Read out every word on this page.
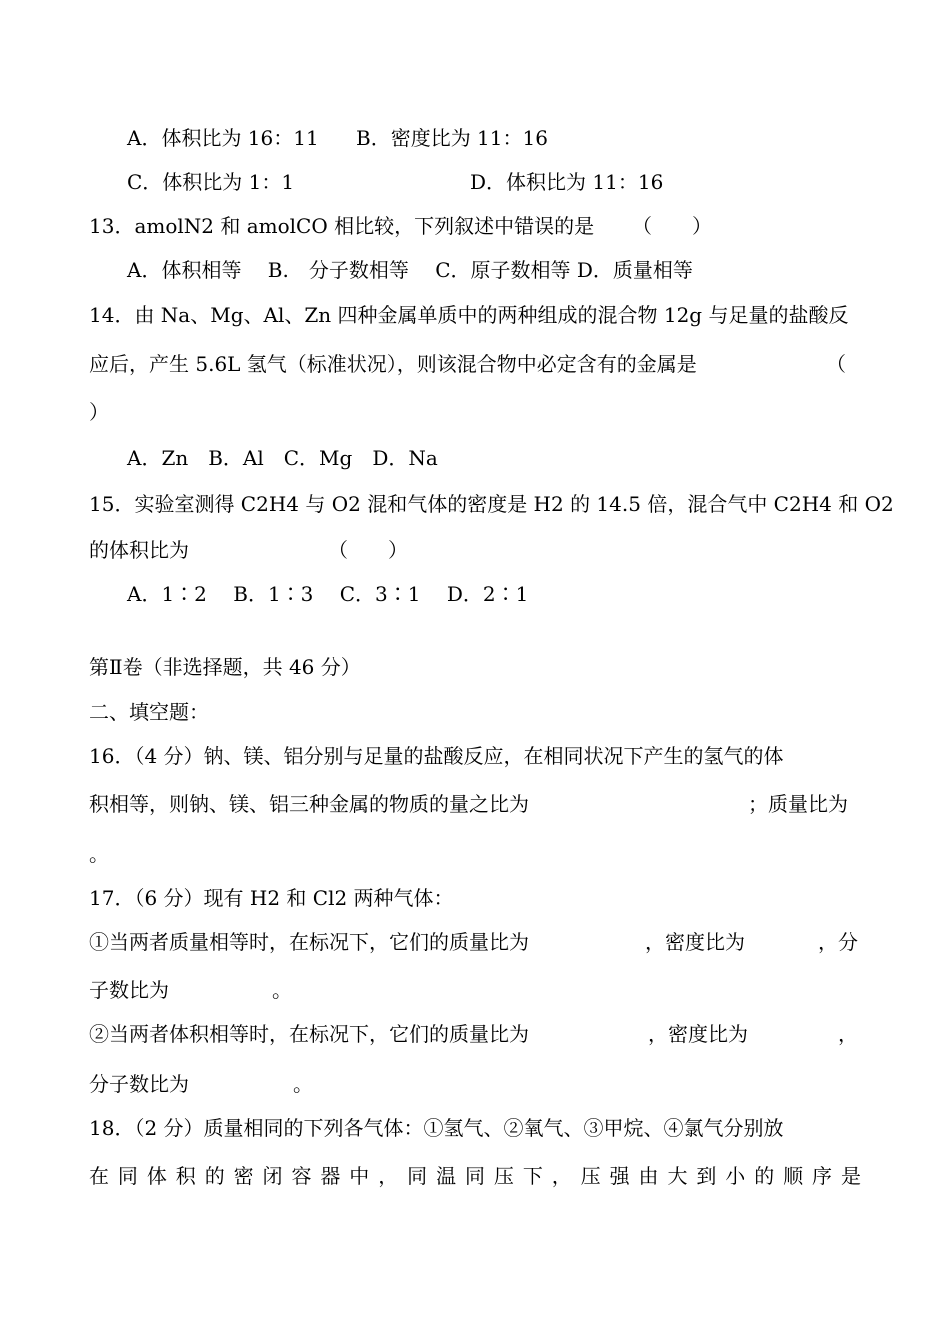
A．体积比为 16：11 B．密度比为 11：16
C．体积比为 1：1	D．体积比为 11：16
13．amolN2 和 amolCO 相比较，下列叙述中错误的是 （　　）
A．体积相等　 B.　分子数相等　 C．原子数相等 D．质量相等
14．由 Na、Mg、Al、Zn 四种金属单质中的两种组成的混合物 12g 与足量的盐酸反
应后，产生 5.6L 氢气（标准状况），则该混合物中必定含有的金属是	（
）
A．Zn　B．Al　C．Mg　D．Na
15．实验室测得 C2H4 与 O2 混和气体的密度是 H2 的 14.5 倍，混合气中 C2H4 和 O2
的体积比为	（　　）
A．1∶2　 B．1∶3　 C．3∶1　 D．2∶1
第Ⅱ卷（非选择题，共 46 分）
二、填空题：
16．（4 分）钠、镁、铝分别与足量的盐酸反应，在相同状况下产生的氢气的体
积相等，则钠、镁、铝三种金属的物质的量之比为	；质量比为
。
17．（6 分）现有 H2 和 Cl2 两种气体：
①当两者质量相等时，在标况下，它们的质量比为	，密度比为	，分
子数比为	。
②当两者体积相等时，在标况下，它们的质量比为	，密度比为	，
分子数比为	。
18．（2 分）质量相同的下列各气体：①氢气、②氧气、③甲烷、④氯气分别放
在 同 体 积 的 密 闭 容 器 中 ， 同 温 同 压 下 ， 压 强 由 大 到 小 的 顺 序 是
